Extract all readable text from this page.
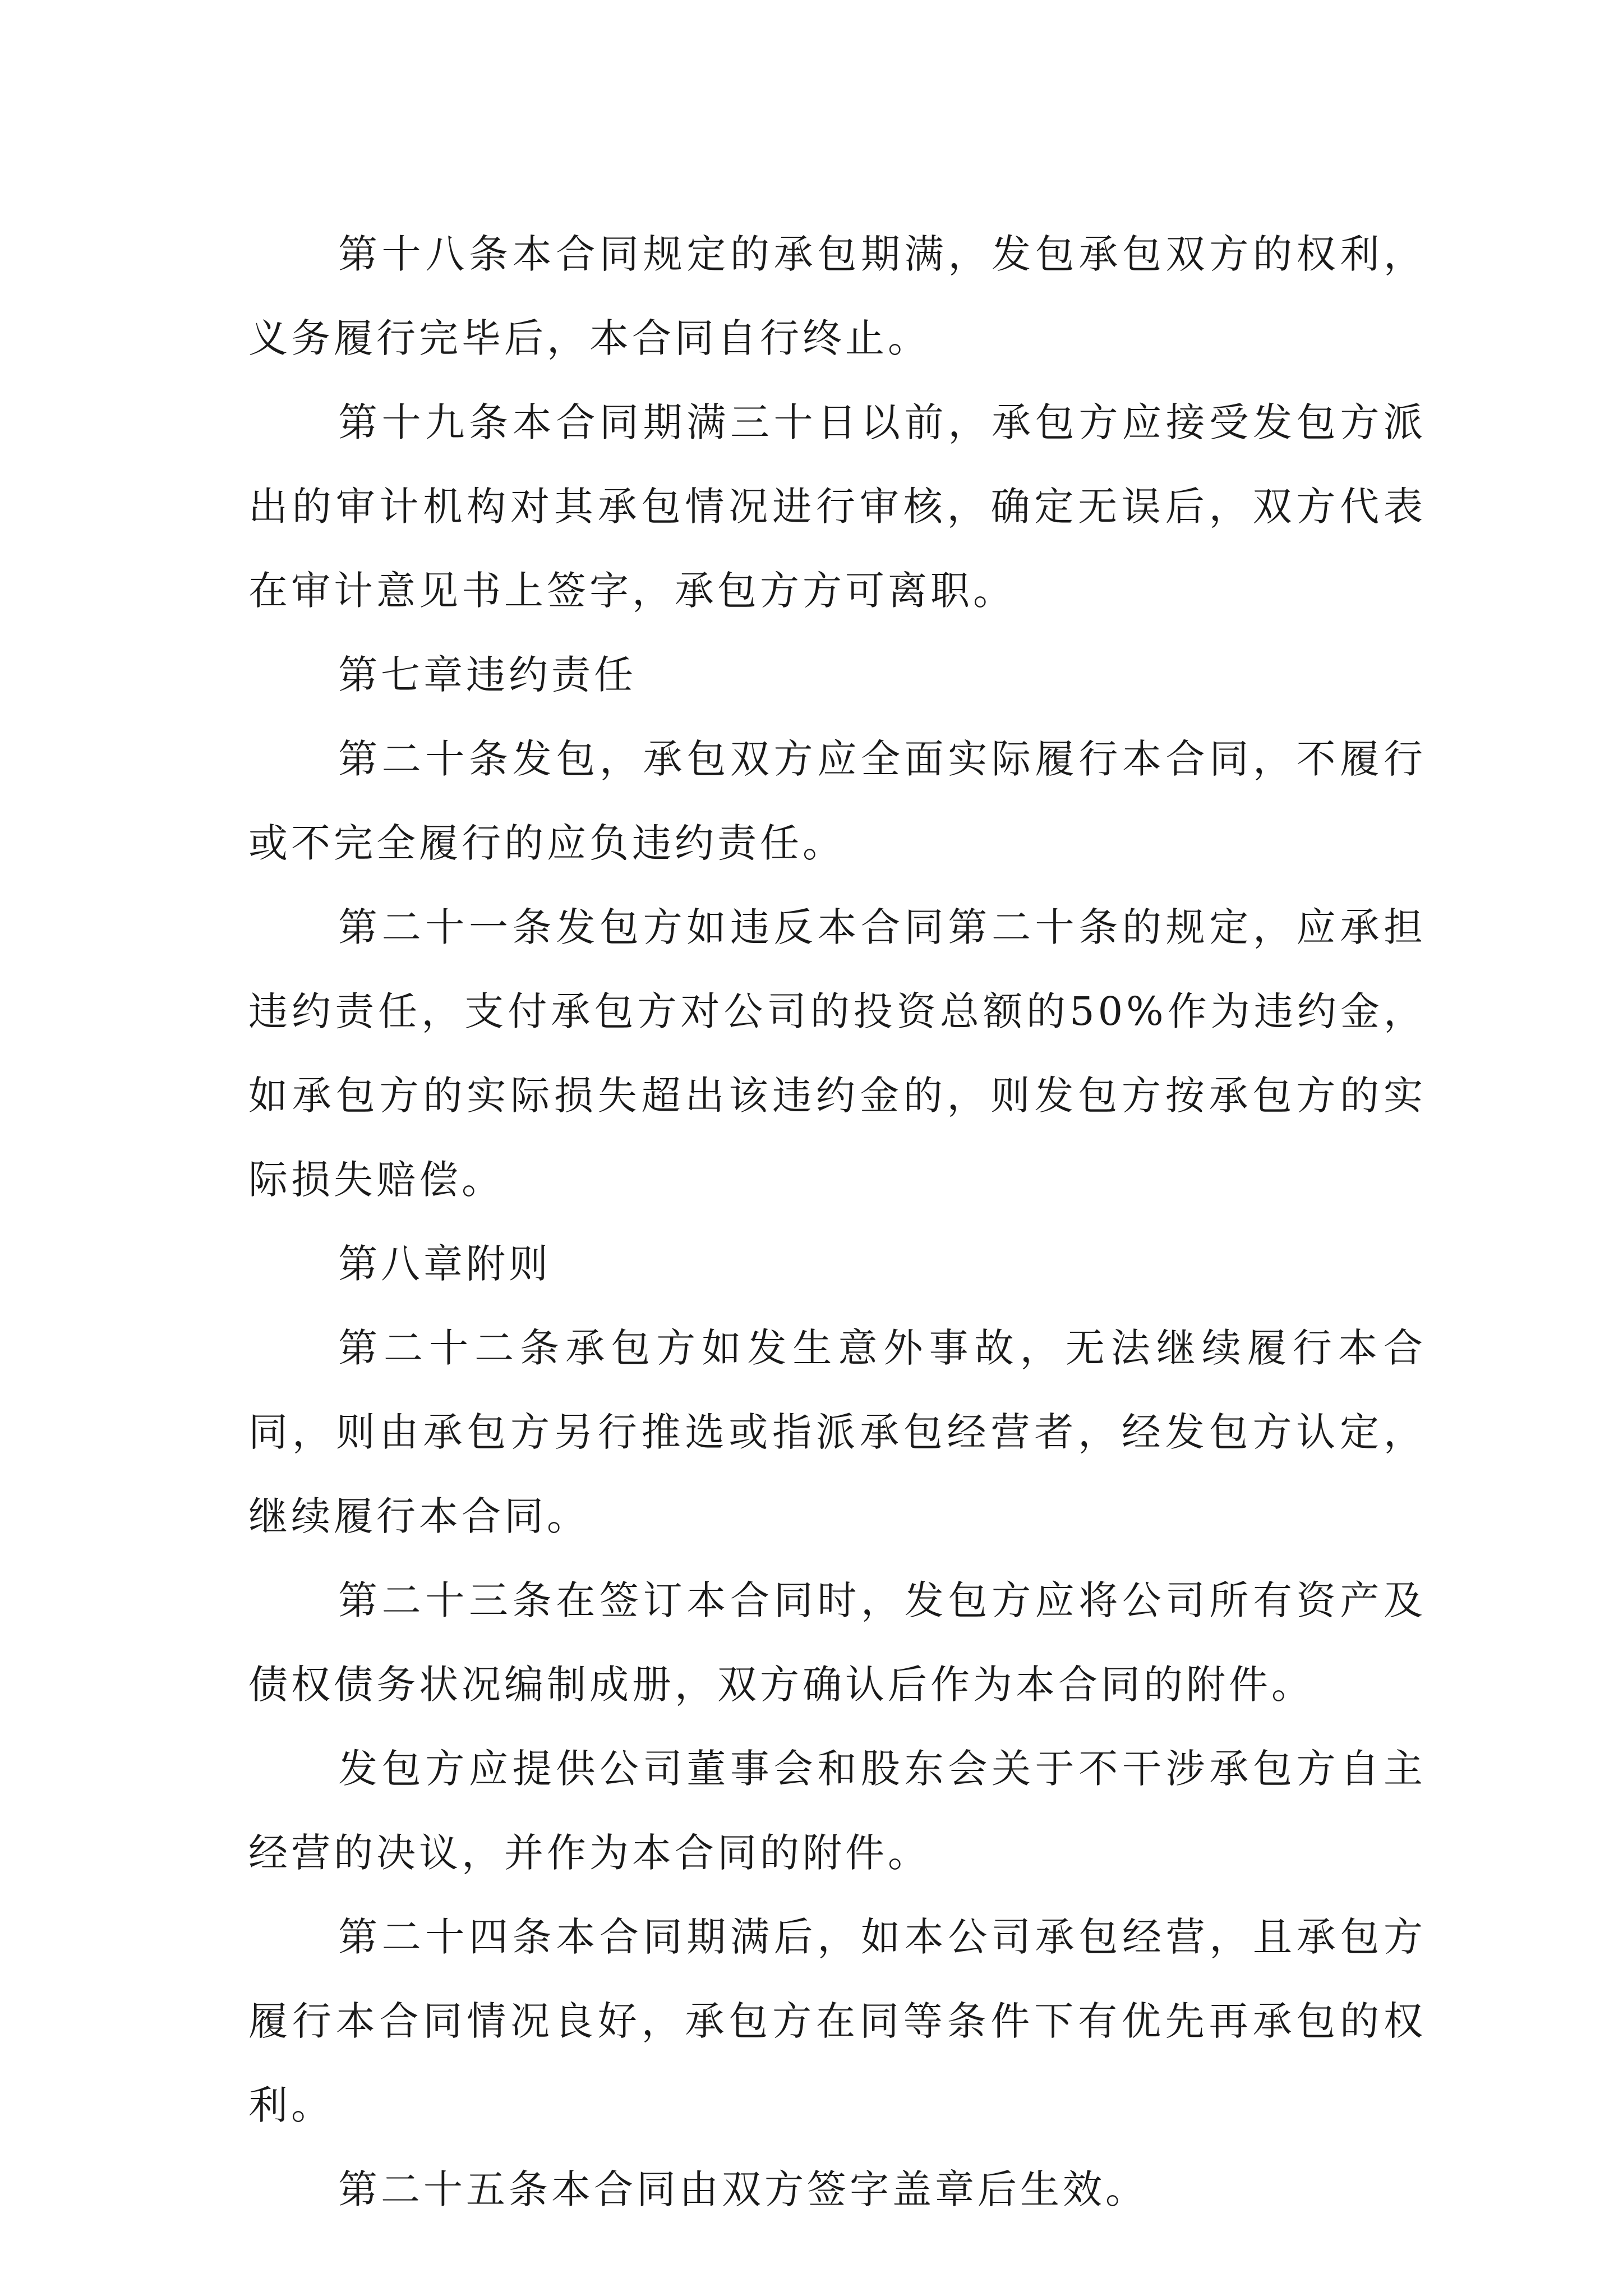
第十八条本合同规定的承包期满，发包承包双方的权利，义务履行完毕后，本合同自行终止。

第十九条本合同期满三十日以前，承包方应接受发包方派出的审计机构对其承包情况进行审核，确定无误后，双方代表在审计意见书上签字，承包方方可离职。

第七章违约责任

第二十条发包，承包双方应全面实际履行本合同，不履行或不完全履行的应负违约责任。

第二十一条发包方如违反本合同第二十条的规定，应承担违约责任，支付承包方对公司的投资总额的50%作为违约金，如承包方的实际损失超出该违约金的，则发包方按承包方的实际损失赔偿。

第八章附则

第二十二条承包方如发生意外事故，无法继续履行本合同，则由承包方另行推选或指派承包经营者，经发包方认定，继续履行本合同。

第二十三条在签订本合同时，发包方应将公司所有资产及债权债务状况编制成册，双方确认后作为本合同的附件。

发包方应提供公司董事会和股东会关于不干涉承包方自主经营的决议，并作为本合同的附件。

第二十四条本合同期满后，如本公司承包经营，且承包方履行本合同情况良好，承包方在同等条件下有优先再承包的权利。

第二十五条本合同由双方签字盖章后生效。
